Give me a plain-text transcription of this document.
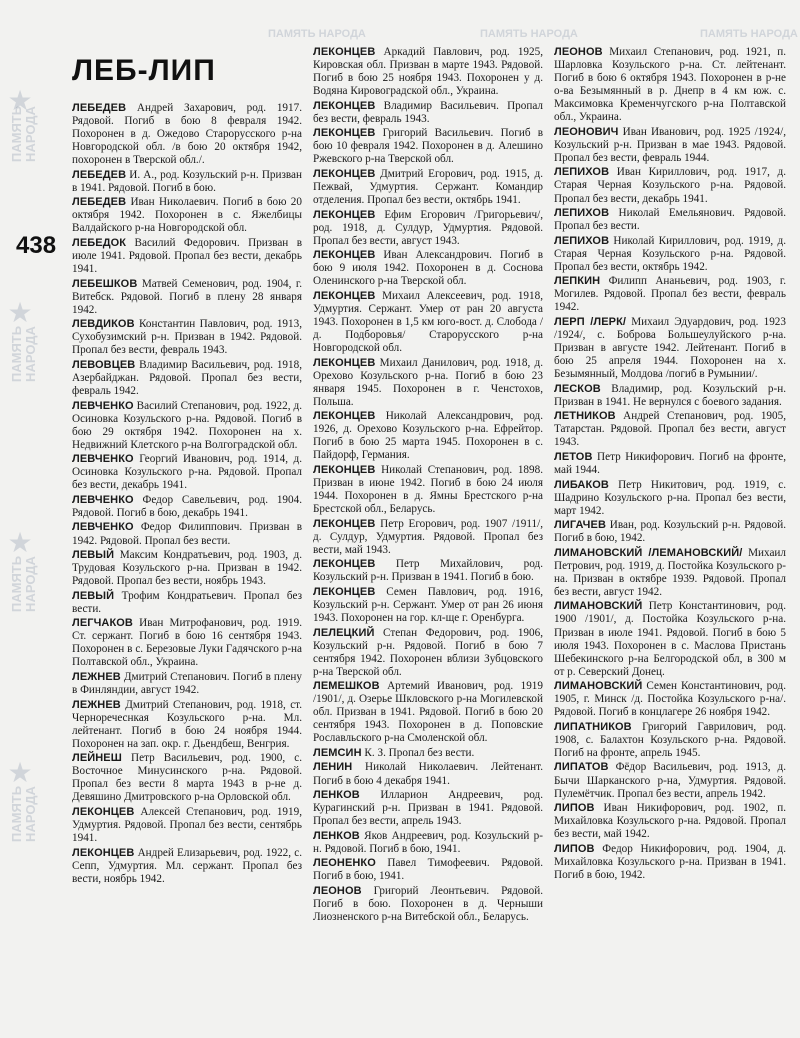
★
ПАМЯТЬ НАРОДА
★
ПАМЯТЬ НАРОДА
★
ПАМЯТЬ НАРОДА
★
ПАМЯТЬ НАРОДА
ПАМЯТЬ НАРОДА	ПАМЯТЬ НАРОДА	ПАМЯТЬ НАРОДА
ЛЕБ-ЛИП
438

ЛЕБЕДЕВ Андрей Захарович, род. 1917. Рядовой. Погиб в бою 8 февраля 1942. Похоронен в д. Ожедово Старорусского р-на Новгородской обл. /в бою 20 октября 1942, похоронен в Тверской обл./.

ЛЕБЕДЕВ И. А., род. Козульский р-н. Призван в 1941. Рядовой. Погиб в бою.

ЛЕБЕДЕВ Иван Николаевич. Погиб в бою 20 октября 1942. Похоронен в с. Яжелбицы Валдайского р-на Новгородской обл.

ЛЕБЕДОК Василий Федорович. Призван в июле 1941. Рядовой. Пропал без вести, декабрь 1941.

ЛЕБЕШКОВ Матвей Семенович, род. 1904, г. Витебск. Рядовой. Погиб в плену 28 января 1942.

ЛЕВДИКОВ Константин Павлович, род. 1913, Сухобузимский р-н. Призван в 1942. Рядовой. Пропал без вести, февраль 1943.

ЛЕВОВЦЕВ Владимир Васильевич, род. 1918, Азербайджан. Рядовой. Пропал без вести, февраль 1942.

ЛЕВЧЕНКО Василий Степанович, род. 1922, д. Осиновка Козульского р-на. Рядовой. Погиб в бою 29 октября 1942. Похоронен на х. Недвижний Клетского р-на Волгоградской обл.

ЛЕВЧЕНКО Георгий Иванович, род. 1914, д. Осиновка Козульского р-на. Рядовой. Пропал без вести, декабрь 1941.

ЛЕВЧЕНКО Федор Савельевич, род. 1904. Рядовой. Погиб в бою, декабрь 1941.

ЛЕВЧЕНКО Федор Филиппович. Призван в 1942. Рядовой. Пропал без вести.

ЛЕВЫЙ Максим Кондратьевич, род. 1903, д. Трудовая Козульского р-на. Призван в 1942. Рядовой. Пропал без вести, ноябрь 1943.

ЛЕВЫЙ Трофим Кондратьевич. Пропал без вести.

ЛЕГЧАКОВ Иван Митрофанович, род. 1919. Ст. сержант. Погиб в бою 16 сентября 1943. Похоронен в с. Березовые Луки Гадячского р-на Полтавской обл., Украина.

ЛЕЖНЕВ Дмитрий Степанович. Погиб в плену в Финляндии, август 1942.

ЛЕЖНЕВ Дмитрий Степанович, род. 1918, ст. Черноречеснкая Козульского р-на. Мл. лейтенант. Погиб в бою 24 ноября 1944. Похоронен на зап. окр. г. Дьендбеш, Венгрия.

ЛЕЙНЕШ Петр Васильевич, род. 1900, с. Восточное Минусинского р-на. Рядовой. Пропал без вести 8 марта 1943 в р-не д. Девяшино Дмитровского р-на Орловской обл.

ЛЕКОНЦЕВ Алексей Степанович, род. 1919, Удмуртия. Рядовой. Пропал без вести, сентябрь 1941.

ЛЕКОНЦЕВ Андрей Елизарьевич, род. 1922, с. Сепп, Удмуртия. Мл. сержант. Пропал без вести, ноябрь 1942.

ЛЕКОНЦЕВ Аркадий Павлович, род. 1925, Кировская обл. Призван в марте 1943. Рядовой. Погиб в бою 25 ноября 1943. Похоронен у д. Водяна Кировоградской обл., Украина.

ЛЕКОНЦЕВ Владимир Васильевич. Пропал без вести, февраль 1943.

ЛЕКОНЦЕВ Григорий Васильевич. Погиб в бою 10 февраля 1942. Похоронен в д. Алешино Ржевского р-на Тверской обл.

ЛЕКОНЦЕВ Дмитрий Егорович, род. 1915, д. Пежвай, Удмуртия. Сержант. Командир отделения. Пропал без вести, октябрь 1941.

ЛЕКОНЦЕВ Ефим Егорович /Григорьевич/, род. 1918, д. Сулдур, Удмуртия. Рядовой. Пропал без вести, август 1943.

ЛЕКОНЦЕВ Иван Александрович. Погиб в бою 9 июля 1942. Похоронен в д. Соснова Оленинского р-на Тверской обл.

ЛЕКОНЦЕВ Михаил Алексеевич, род. 1918, Удмуртия. Сержант. Умер от ран 20 августа 1943. Похоронен в 1,5 км юго-вост. д. Слобода /д. Подборовья/ Старорусского р-на Новгородской обл.

ЛЕКОНЦЕВ Михаил Данилович, род. 1918, д. Орехово Козульского р-на. Погиб в бою 23 января 1945. Похоронен в г. Ченстохов, Польша.

ЛЕКОНЦЕВ Николай Александрович, род. 1926, д. Орехово Козульского р-на. Ефрейтор. Погиб в бою 25 марта 1945. Похоронен в с. Пайдорф, Германия.

ЛЕКОНЦЕВ Николай Степанович, род. 1898. Призван в июне 1942. Погиб в бою 24 июля 1944. Похоронен в д. Ямны Брестского р-на Брестской обл., Беларусь.

ЛЕКОНЦЕВ Петр Егорович, род. 1907 /1911/, д. Сулдур, Удмуртия. Рядовой. Пропал без вести, май 1943.

ЛЕКОНЦЕВ Петр Михайлович, род. Козульский р-н. Призван в 1941. Погиб в бою.

ЛЕКОНЦЕВ Семен Павлович, род. 1916, Козульский р-н. Сержант. Умер от ран 26 июня 1943. Похоронен на гор. кл-ще г. Оренбурга.

ЛЕЛЕЦКИЙ Степан Федорович, род. 1906, Козульский р-н. Рядовой. Погиб в бою 7 сентября 1942. Похоронен вблизи Зубцовского р-на Тверской обл.

ЛЕМЕШКОВ Артемий Иванович, род. 1919 /1901/, д. Озерье Шкловского р-на Могилевской обл. Призван в 1941. Рядовой. Погиб в бою 20 сентября 1943. Похоронен в д. Поповские Рославльского р-на Смоленской обл.

ЛЕМСИН К. З. Пропал без вести.

ЛЕНИН Николай Николаевич. Лейтенант. Погиб в бою 4 декабря 1941.

ЛЕНКОВ Илларион Андреевич, род. Курагинский р-н. Призван в 1941. Рядовой. Пропал без вести, апрель 1943.

ЛЕНКОВ Яков Андреевич, род. Козульский р-н. Рядовой. Погиб в бою, 1941.

ЛЕОНЕНКО Павел Тимофеевич. Рядовой. Погиб в бою, 1941.

ЛЕОНОВ Григорий Леонтьевич. Рядовой. Погиб в бою. Похоронен в д. Черныши Лиозненского р-на Витебской обл., Беларусь.

ЛЕОНОВ Михаил Степанович, род. 1921, п. Шарловка Козульского р-на. Ст. лейтенант. Погиб в бою 6 октября 1943. Похоронен в р-не о-ва Безымянный в р. Днепр в 4 км юж. с. Максимовка Кременчугского р-на Полтавской обл., Украина.

ЛЕОНОВИЧ Иван Иванович, род. 1925 /1924/, Козульский р-н. Призван в мае 1943. Рядовой. Пропал без вести, февраль 1944.

ЛЕПИХОВ Иван Кириллович, род. 1917, д. Старая Черная Козульского р-на. Рядовой. Пропал без вести, декабрь 1941.

ЛЕПИХОВ Николай Емельянович. Рядовой. Пропал без вести.

ЛЕПИХОВ Николай Кириллович, род. 1919, д. Старая Черная Козульского р-на. Рядовой. Пропал без вести, октябрь 1942.

ЛЕПКИН Филипп Ананьевич, род. 1903, г. Могилев. Рядовой. Пропал без вести, февраль 1942.

ЛЕРП /ЛЕРК/ Михаил Эдуардович, род. 1923 /1924/, с. Боброва Большеулуйского р-на. Призван в августе 1942. Лейтенант. Погиб в бою 25 апреля 1944. Похоронен на х. Безымянный, Молдова /погиб в Румынии/.

ЛЕСКОВ Владимир, род. Козульский р-н. Призван в 1941. Не вернулся с боевого задания.

ЛЕТНИКОВ Андрей Степанович, род. 1905, Татарстан. Рядовой. Пропал без вести, август 1943.

ЛЕТОВ Петр Никифорович. Погиб на фронте, май 1944.

ЛИБАКОВ Петр Никитович, род. 1919, с. Шадрино Козульского р-на. Пропал без вести, март 1942.

ЛИГАЧЕВ Иван, род. Козульский р-н. Рядовой. Погиб в бою, 1942.

ЛИМАНОВСКИЙ /ЛЕМАНОВСКИЙ/ Михаил Петрович, род. 1919, д. Постойка Козульского р-на. Призван в октябре 1939. Рядовой. Пропал без вести, август 1942.

ЛИМАНОВСКИЙ Петр Константинович, род. 1900 /1901/, д. Постойка Козульского р-на. Призван в июле 1941. Рядовой. Погиб в бою 5 июля 1943. Похоронен в с. Маслова Пристань Шебекинского р-на Белгородской обл, в 300 м от р. Северский Донец.

ЛИМАНОВСКИЙ Семен Константинович, род. 1905, г. Минск /д. Постойка Козульского р-на/. Рядовой. Погиб в концлагере 26 ноября 1942.

ЛИПАТНИКОВ Григорий Гаврилович, род. 1908, с. Балахтон Козульского р-на. Рядовой. Погиб на фронте, апрель 1945.

ЛИПАТОВ Фёдор Васильевич, род. 1913, д. Бычи Шарканского р-на, Удмуртия. Рядовой. Пулемётчик. Пропал без вести, апрель 1942.

ЛИПОВ Иван Никифорович, род. 1902, п. Михайловка Козульского р-на. Рядовой. Пропал без вести, май 1942.

ЛИПОВ Федор Никифорович, род. 1904, д. Михайловка Козульского р-на. Призван в 1941. Погиб в бою, 1942.
